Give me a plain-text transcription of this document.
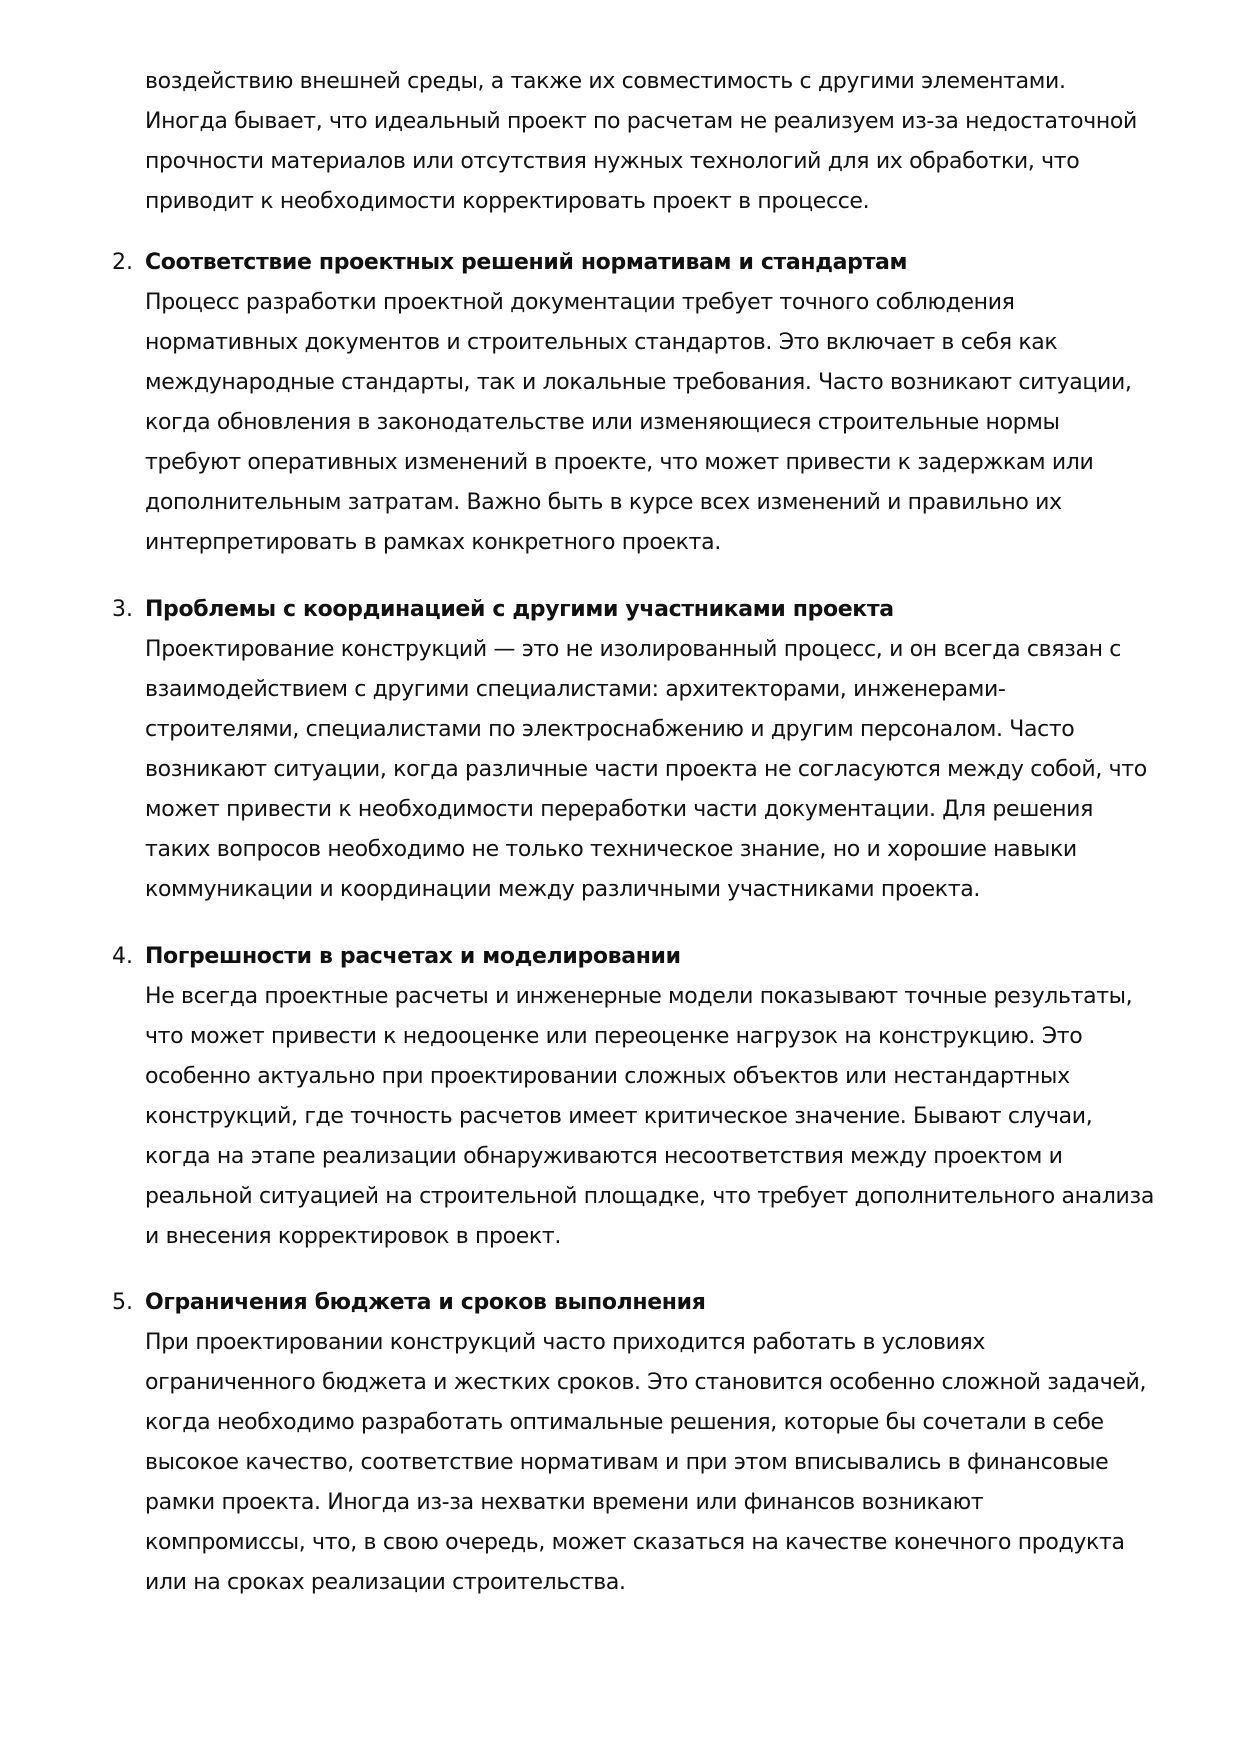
воздействию внешней среды, а также их совместимость с другими элементами.
Иногда бывает, что идеальный проект по расчетам не реализуем из-за недостаточной
прочности материалов или отсутствия нужных технологий для их обработки, что
приводит к необходимости корректировать проект в процессе.
2. Соответствие проектных решений нормативам и стандартам
Процесс разработки проектной документации требует точного соблюдения
нормативных документов и строительных стандартов. Это включает в себя как
международные стандарты, так и локальные требования. Часто возникают ситуации,
когда обновления в законодательстве или изменяющиеся строительные нормы
требуют оперативных изменений в проекте, что может привести к задержкам или
дополнительным затратам. Важно быть в курсе всех изменений и правильно их
интерпретировать в рамках конкретного проекта.
3. Проблемы с координацией с другими участниками проекта
Проектирование конструкций — это не изолированный процесс, и он всегда связан с
взаимодействием с другими специалистами: архитекторами, инженерами-
строителями, специалистами по электроснабжению и другим персоналом. Часто
возникают ситуации, когда различные части проекта не согласуются между собой, что
может привести к необходимости переработки части документации. Для решения
таких вопросов необходимо не только техническое знание, но и хорошие навыки
коммуникации и координации между различными участниками проекта.
4. Погрешности в расчетах и моделировании
Не всегда проектные расчеты и инженерные модели показывают точные результаты,
что может привести к недооценке или переоценке нагрузок на конструкцию. Это
особенно актуально при проектировании сложных объектов или нестандартных
конструкций, где точность расчетов имеет критическое значение. Бывают случаи,
когда на этапе реализации обнаруживаются несоответствия между проектом и
реальной ситуацией на строительной площадке, что требует дополнительного анализа
и внесения корректировок в проект.
5. Ограничения бюджета и сроков выполнения
При проектировании конструкций часто приходится работать в условиях
ограниченного бюджета и жестких сроков. Это становится особенно сложной задачей,
когда необходимо разработать оптимальные решения, которые бы сочетали в себе
высокое качество, соответствие нормативам и при этом вписывались в финансовые
рамки проекта. Иногда из-за нехватки времени или финансов возникают
компромиссы, что, в свою очередь, может сказаться на качестве конечного продукта
или на сроках реализации строительства.
